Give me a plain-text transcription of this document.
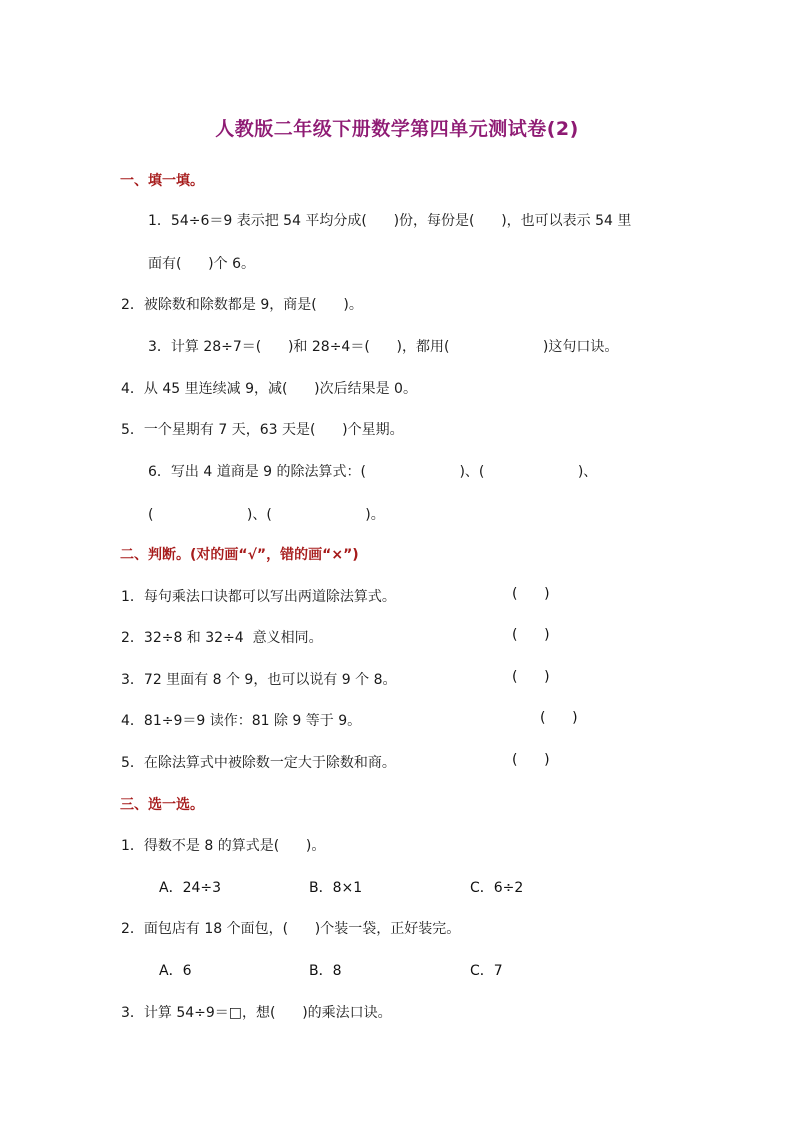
人教版二年级下册数学第四单元测试卷(2)
一、填一填。
1．54÷6＝9 表示把 54 平均分成(      )份，每份是(      )，也可以表示 54 里
面有(      )个 6。
2．被除数和除数都是 9，商是(      )。
3．计算 28÷7＝(      )和 28÷4＝(      )，都用(                     )这句口诀。
4．从 45 里连续减 9，减(      )次后结果是 0。
5．一个星期有 7 天，63 天是(      )个星期。
6．写出 4 道商是 9 的除法算式：(                     )、(                     )、
(                     )、(                     )。
二、判断。(对的画“√”，错的画“×”)
1．每句乘法口诀都可以写出两道除法算式。	(      )
2．32÷8 和 32÷4  意义相同。	(      )
3．72 里面有 8 个 9，也可以说有 9 个 8。	(      )
4．81÷9＝9 读作：81 除 9 等于 9。	(      )
5．在除法算式中被除数一定大于除数和商。	(      )
三、选一选。
1．得数不是 8 的算式是(      )。
A．24÷3	B．8×1	C．6÷2
2．面包店有 18 个面包，(      )个装一袋，正好装完。
A．6	B．8	C．7
3．计算 54÷9＝□，想(      )的乘法口诀。
